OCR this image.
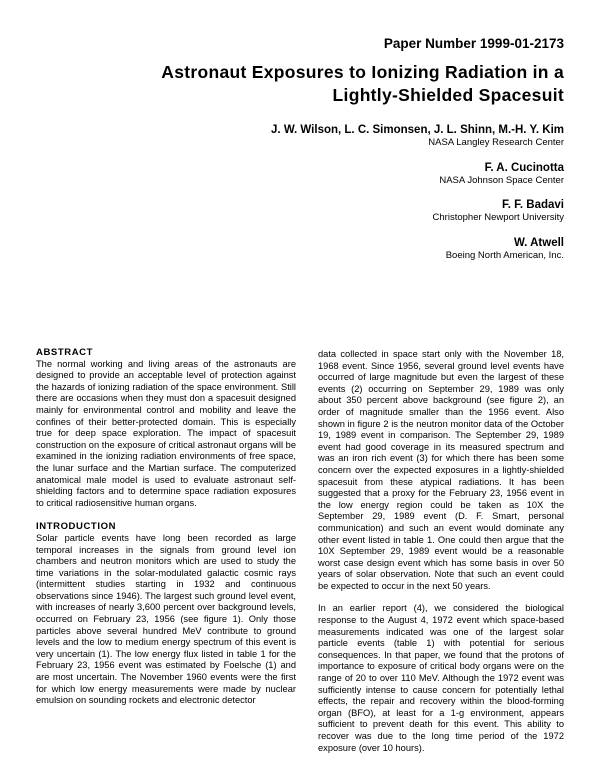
Paper Number 1999-01-2173
Astronaut Exposures to Ionizing Radiation in a
Lightly-Shielded Spacesuit
J. W. Wilson, L. C. Simonsen, J. L. Shinn, M.-H. Y. Kim
NASA Langley Research Center
F. A. Cucinotta
NASA Johnson Space Center
F. F. Badavi
Christopher Newport University
W. Atwell
Boeing North American, Inc.

ABSTRACT

The normal working and living areas of the astronauts are designed to provide an acceptable level of protection against the hazards of ionizing radiation of the space environment. Still there are occasions when they must don a spacesuit designed mainly for environmental control and mobility and leave the confines of their better-protected domain. This is especially true for deep space exploration. The impact of spacesuit construction on the exposure of critical astronaut organs will be examined in the ionizing radiation environments of free space, the lunar surface and the Martian surface. The computerized anatomical male model is used to evaluate astronaut self-shielding factors and to determine space radiation exposures to critical radiosensitive human organs.

INTRODUCTION

Solar particle events have long been recorded as large temporal increases in the signals from ground level ion chambers and neutron monitors which are used to study the time variations in the solar-modulated galactic cosmic rays (intermittent studies starting in 1932 and continuous observations since 1946). The largest such ground level event, with increases of nearly 3,600 percent over background levels, occurred on February 23, 1956 (see figure 1). Only those particles above several hundred MeV contribute to ground levels and the low to medium energy spectrum of this event is very uncertain (1). The low energy flux listed in table 1 for the February 23, 1956 event was estimated by Foelsche (1) and are most uncertain. The November 1960 events were the first for which low energy measurements were made by nuclear emulsion on sounding rockets and electronic detector

data collected in space start only with the November 18, 1968 event. Since 1956, several ground level events have occurred of large magnitude but even the largest of these events (2) occurring on September 29, 1989 was only about 350 percent above background (see figure 2), an order of magnitude smaller than the 1956 event. Also shown in figure 2 is the neutron monitor data of the October 19, 1989 event in comparison. The September 29, 1989 event had good coverage in its measured spectrum and was an iron rich event (3) for which there has been some concern over the expected exposures in a lightly-shielded spacesuit from these atypical radiations. It has been suggested that a proxy for the February 23, 1956 event in the low energy region could be taken as 10X the September 29, 1989 event (D. F. Smart, personal communication) and such an event would dominate any other event listed in table 1. One could then argue that the 10X September 29, 1989 event would be a reasonable worst case design event which has some basis in over 50 years of solar observation. Note that such an event could be expected to occur in the next 50 years.

In an earlier report (4), we considered the biological response to the August 4, 1972 event which space-based measurements indicated was one of the largest solar particle events (table 1) with potential for serious consequences. In that paper, we found that the protons of importance to exposure of critical body organs were on the range of 20 to over 110 MeV. Although the 1972 event was sufficiently intense to cause concern for potentially lethal effects, the repair and recovery within the blood-forming organ (BFO), at least for a 1-g environment, appears sufficient to prevent death for this event. This ability to recover was due to the long time period of the 1972 exposure (over 10 hours).
